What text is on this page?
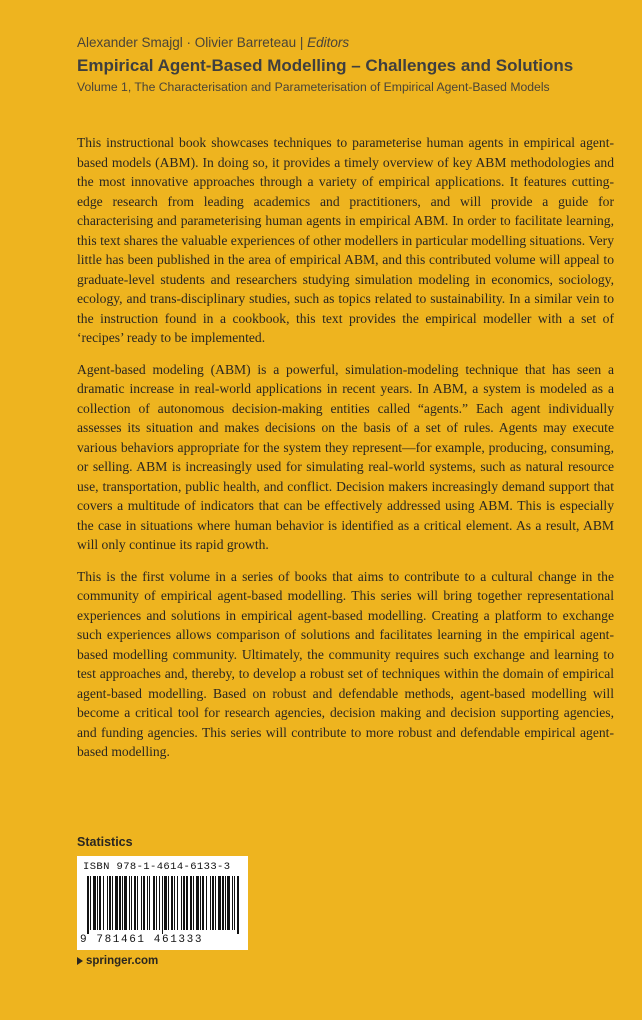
Alexander Smajgl · Olivier Barreteau | Editors
Empirical Agent-Based Modelling – Challenges and Solutions
Volume 1, The Characterisation and Parameterisation of Empirical Agent-Based Models

This instructional book showcases techniques to parameterise human agents in empirical agent-based models (ABM). In doing so, it provides a timely overview of key ABM methodologies and the most innovative approaches through a variety of empirical applications. It features cutting-edge research from leading academics and practitioners, and will provide a guide for characterising and parameterising human agents in empirical ABM. In order to facilitate learning, this text shares the valuable experiences of other modellers in particular modelling situations. Very little has been published in the area of empirical ABM, and this contributed volume will appeal to graduate-level students and researchers studying simulation modeling in economics, sociology, ecology, and trans-disciplinary studies, such as topics related to sustainability. In a similar vein to the instruction found in a cookbook, this text provides the empirical modeller with a set of ‘recipes’ ready to be implemented.

Agent-based modeling (ABM) is a powerful, simulation-modeling technique that has seen a dramatic increase in real-world applications in recent years. In ABM, a system is modeled as a collection of autonomous decision-making entities called “agents.” Each agent individually assesses its situation and makes decisions on the basis of a set of rules. Agents may execute various behaviors appropriate for the system they represent—for example, producing, consuming, or selling. ABM is increasingly used for simulating real-world systems, such as natural resource use, transportation, public health, and conflict. Decision makers increasingly demand support that covers a multitude of indicators that can be effectively addressed using ABM. This is especially the case in situations where human behavior is identified as a critical element. As a result, ABM will only continue its rapid growth.

This is the first volume in a series of books that aims to contribute to a cultural change in the community of empirical agent-based modelling. This series will bring together representational experiences and solutions in empirical agent-based modelling. Creating a platform to exchange such experiences allows comparison of solutions and facilitates learning in the empirical agent-based modelling community. Ultimately, the community requires such exchange and learning to test approaches and, thereby, to develop a robust set of techniques within the domain of empirical agent-based modelling. Based on robust and defendable methods, agent-based modelling will become a critical tool for research agencies, decision making and decision supporting agencies, and funding agencies. This series will contribute to more robust and defendable empirical agent-based modelling.

Statistics
ISBN 978-1-4614-6133-3
9 781461 461333
springer.com
